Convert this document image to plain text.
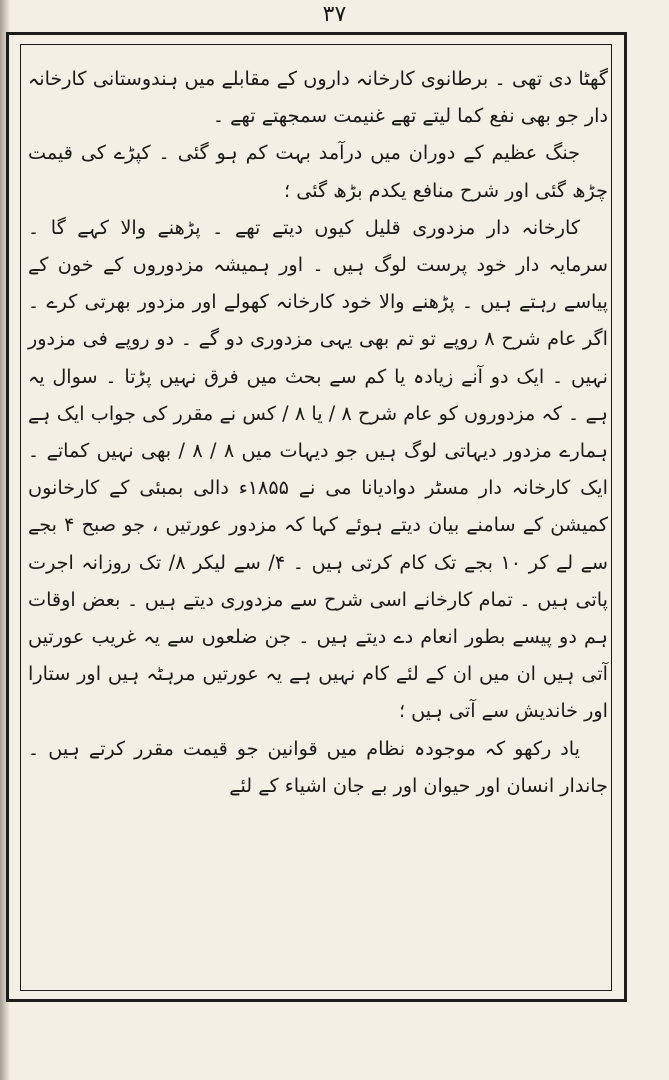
۳۷

گھٹا دی تھی ۔ برطانوی کارخانہ داروں کے مقابلے میں ہندوستانی کارخانہ دار جو بھی نفع کما لیتے تھے غنیمت سمجھتے تھے ۔

جنگ عظیم کے دوران میں درآمد بہت کم ہو گئی ۔ کپڑے کی قیمت چڑھ گئی اور شرح منافع یکدم بڑھ گئی ؛

کارخانہ دار مزدوری قلیل کیوں دیتے تھے ۔ پڑھنے والا کہے گا ۔ سرمایہ دار خود پرست لوگ ہیں ۔ اور ہمیشہ مزدوروں کے خون کے پیاسے رہتے ہیں ۔ پڑھنے والا خود کارخانہ کھولے اور مزدور بھرتی کرے ۔ اگر عام شرح ۸ روپے تو تم بھی یہی مزدوری دو گے ۔ دو روپے فی مزدور نہیں ۔ ایک دو آنے زیادہ یا کم سے بحث میں فرق نہیں پڑتا ۔ سوال یہ ہے ۔ کہ مزدوروں کو عام شرح ۸ / یا ۸ / کس نے مقرر کی جواب ایک ہے ہمارے مزدور دیہاتی لوگ ہیں جو دیہات میں ۸ / ۸ / بھی نہیں کماتے ۔ ایک کارخانہ دار مسٹر دوادیانا می نے ۱۸۵۵ء دالی بمبئی کے کارخانوں کمیشن کے سامنے بیان دیتے ہوئے کہا کہ مزدور عورتیں ، جو صبح ۴ بجے سے لے کر ۱۰ بجے تک کام کرتی ہیں ۔ ۴/ سے لیکر ۸/ تک روزانہ اجرت پاتی ہیں ۔ تمام کارخانے اسی شرح سے مزدوری دیتے ہیں ۔ بعض اوقات ہم دو پیسے بطور انعام دے دیتے ہیں ۔ جن ضلعوں سے یہ غریب عورتیں آتی ہیں ان میں ان کے لئے کام نہیں ہے یہ عورتیں مرہٹہ ہیں اور ستارا اور خاندیش سے آتی ہیں ؛

یاد رکھو کہ موجودہ نظام میں قوانین جو قیمت مقرر کرتے ہیں ۔ جاندار انسان اور حیوان اور بے جان اشیاء کے لئے
